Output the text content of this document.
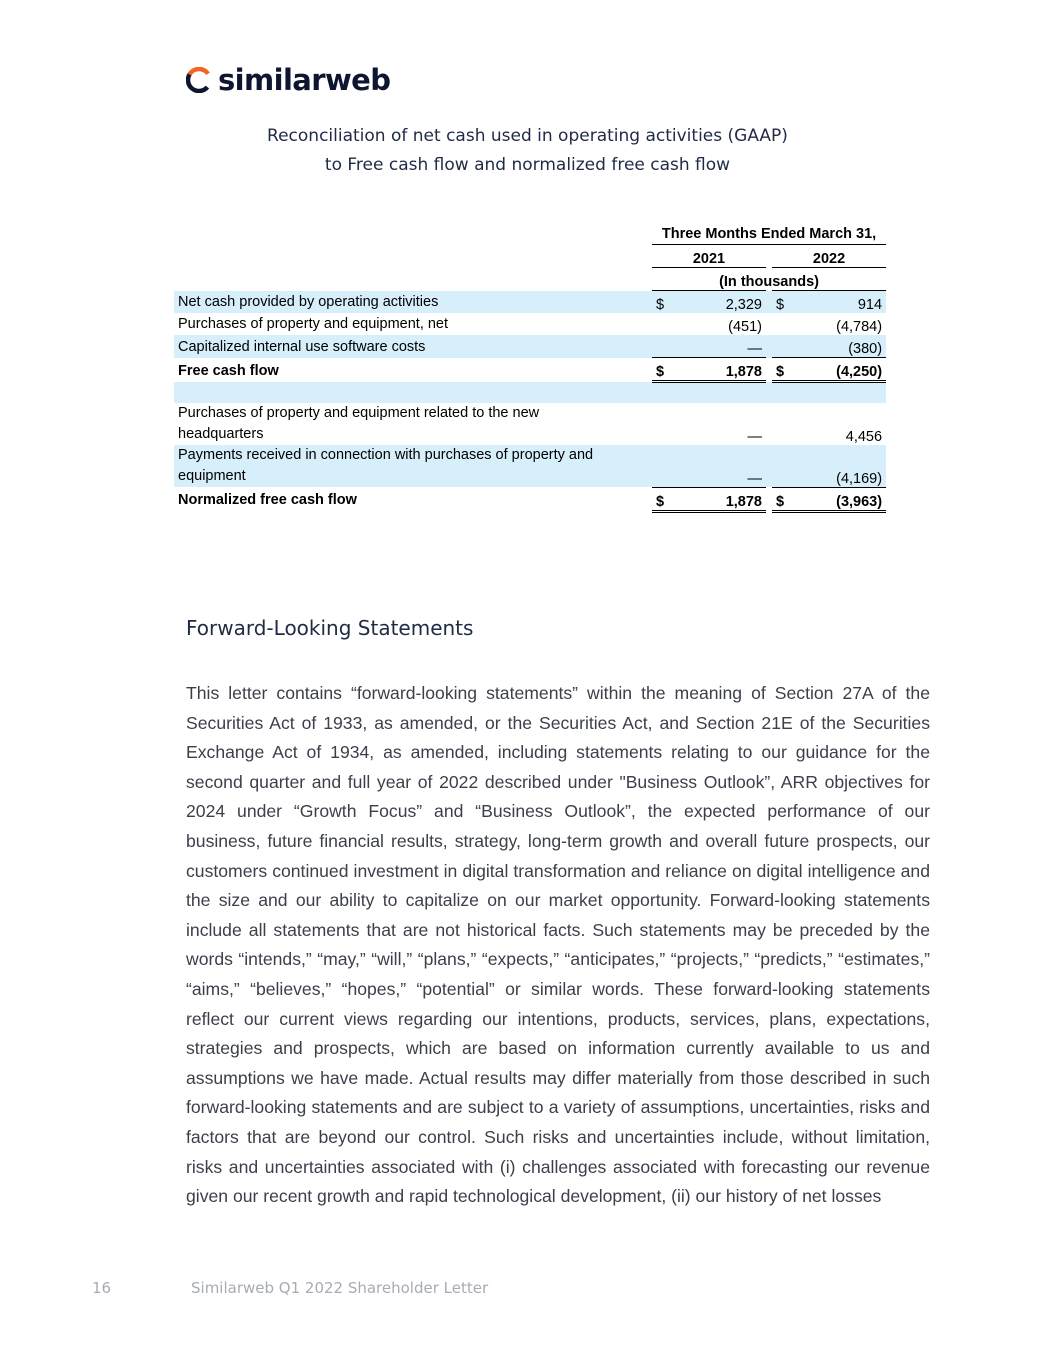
similarweb
Reconciliation of net cash used in operating activities (GAAP)
to Free cash flow and normalized free cash flow
		Three Months Ended March 31,				
		2021			2022	
		(In thousands)				
Net cash provided by operating activities		$	2,329		$	914
Purchases of property and equipment, net			(451)			(4,784)
Capitalized internal use software costs			—			(380)
Free cash flow		$	1,878		$	(4,250)

Purchases of property and equipment related to the new headquarters			—			4,456
Payments received in connection with purchases of property and equipment			—			(4,169)
Normalized free cash flow		$	1,878		$	(3,963)
Forward-Looking Statements

This letter contains “forward-looking statements” within the meaning of Section 27A of the Securities Act of 1933, as amended, or the Securities Act, and Section 21E of the Securities Exchange Act of 1934, as amended, including statements relating to our guidance for the second quarter and full year of 2022 described under "Business Outlook”, ARR objectives for 2024 under “Growth Focus” and “Business Outlook”, the expected performance of our business, future financial results, strategy, long-term growth and overall future prospects, our customers continued investment in digital transformation and reliance on digital intelligence and the size and our ability to capitalize on our market opportunity. Forward-looking statements include all statements that are not historical facts. Such statements may be preceded by the words “intends,” “may,” “will,” “plans,” “expects,” “anticipates,” “projects,” “predicts,” “estimates,” “aims,” “believes,” “hopes,” “potential” or similar words. These forward-looking statements reflect our current views regarding our intentions, products, services, plans, expectations, strategies and prospects, which are based on information currently available to us and assumptions we have made. Actual results may differ materially from those described in such forward-looking statements and are subject to a variety of assumptions, uncertainties, risks and factors that are beyond our control. Such risks and uncertainties include, without limitation, risks and uncertainties associated with (i) challenges associated with forecasting our revenue given our recent growth and rapid technological development, (ii) our history of net losses

16	Similarweb Q1 2022 Shareholder Letter
